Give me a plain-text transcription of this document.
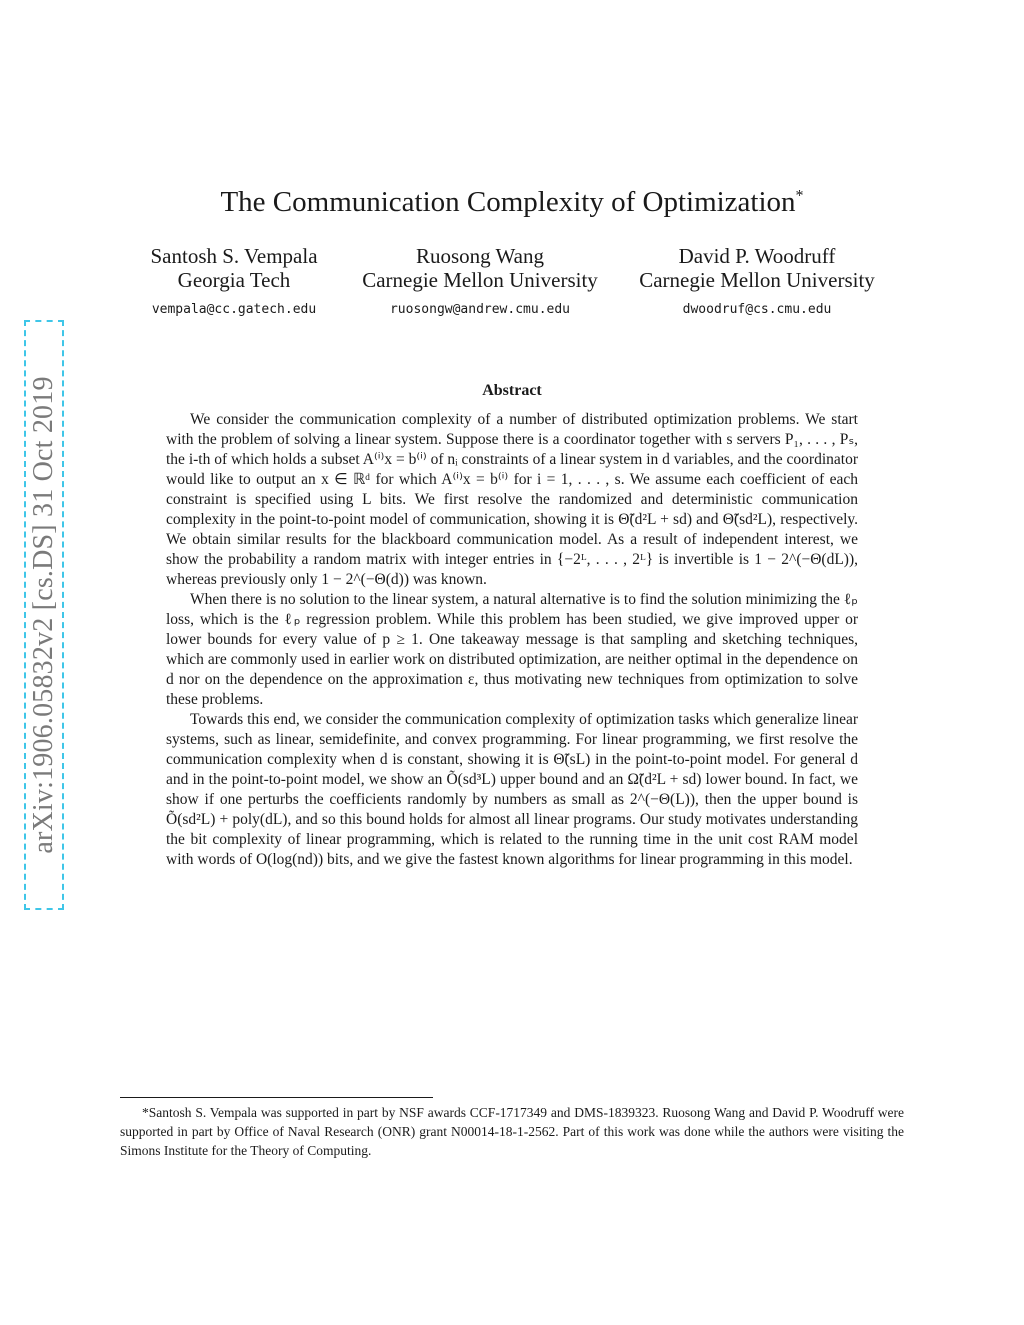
arXiv:1906.05832v2 [cs.DS] 31 Oct 2019
The Communication Complexity of Optimization*
Santosh S. Vempala
Georgia Tech
vempala@cc.gatech.edu
Ruosong Wang
Carnegie Mellon University
ruosongw@andrew.cmu.edu
David P. Woodruff
Carnegie Mellon University
dwoodruf@cs.cmu.edu
Abstract

We consider the communication complexity of a number of distributed optimization problems. We start with the problem of solving a linear system. Suppose there is a coordinator together with s servers P₁, . . . , Pₛ, the i-th of which holds a subset A⁽ⁱ⁾x = b⁽ⁱ⁾ of nᵢ constraints of a linear system in d variables, and the coordinator would like to output an x ∈ ℝᵈ for which A⁽ⁱ⁾x = b⁽ⁱ⁾ for i = 1, . . . , s. We assume each coefficient of each constraint is specified using L bits. We first resolve the randomized and deterministic communication complexity in the point-to-point model of communication, showing it is Θ̃(d²L + sd) and Θ̃(sd²L), respectively. We obtain similar results for the blackboard communication model. As a result of independent interest, we show the probability a random matrix with integer entries in {−2ᴸ, . . . , 2ᴸ} is invertible is 1 − 2^(−Θ(dL)), whereas previously only 1 − 2^(−Θ(d)) was known.

When there is no solution to the linear system, a natural alternative is to find the solution minimizing the ℓₚ loss, which is the ℓₚ regression problem. While this problem has been studied, we give improved upper or lower bounds for every value of p ≥ 1. One takeaway message is that sampling and sketching techniques, which are commonly used in earlier work on distributed optimization, are neither optimal in the dependence on d nor on the dependence on the approximation ε, thus motivating new techniques from optimization to solve these problems.

Towards this end, we consider the communication complexity of optimization tasks which generalize linear systems, such as linear, semidefinite, and convex programming. For linear programming, we first resolve the communication complexity when d is constant, showing it is Θ̃(sL) in the point-to-point model. For general d and in the point-to-point model, we show an Õ(sd³L) upper bound and an Ω̃(d²L + sd) lower bound. In fact, we show if one perturbs the coefficients randomly by numbers as small as 2^(−Θ(L)), then the upper bound is Õ(sd²L) + poly(dL), and so this bound holds for almost all linear programs. Our study motivates understanding the bit complexity of linear programming, which is related to the running time in the unit cost RAM model with words of O(log(nd)) bits, and we give the fastest known algorithms for linear programming in this model.

*Santosh S. Vempala was supported in part by NSF awards CCF-1717349 and DMS-1839323. Ruosong Wang and David P. Woodruff were supported in part by Office of Naval Research (ONR) grant N00014-18-1-2562. Part of this work was done while the authors were visiting the Simons Institute for the Theory of Computing.
